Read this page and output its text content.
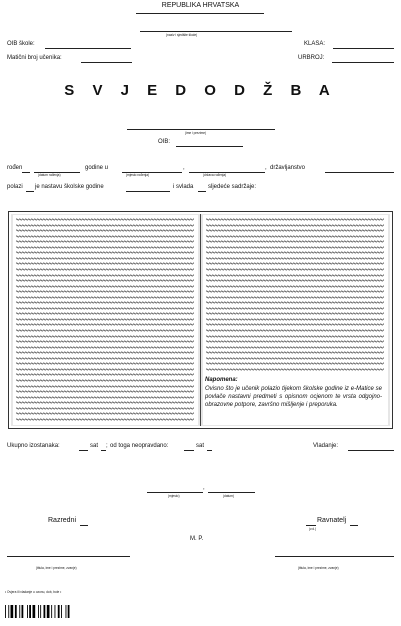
REPUBLIKA HRVATSKA
(naziv i sjedište škole)
OIB škole:
Matični broj učenika:
KLASA:
URBROJ:
S V J E D O D Ž B A
(ime i prezime)
OIB:
rođen
(datum rođenja)
godine u
(mjesto rođenja)
,
(država rođenja)
, državljanstvo
polazi je nastavu školske godine	i svlada sljedeće sadržaje:
Napomena:
Ovisno što je učenik polazio tijekom školske godine iz e-Matice se povlače nastavni predmeti s opisnom ocjenom te vrsta odgojno-obrazovne potpore, završno mišljenje i preporuka.
Ukupno izostanaka:	sat ; od toga neopravdano:	sat	Vladanje:
(mjesto)
,
(datum)
Razredni	Ravnatelj
(v.d.)
M. P.
(titula, ime i prezime, zvanje)	(titula, ime i prezime, zvanje)
• Ovjera ili vladanje u ozonu, dob, bole •
